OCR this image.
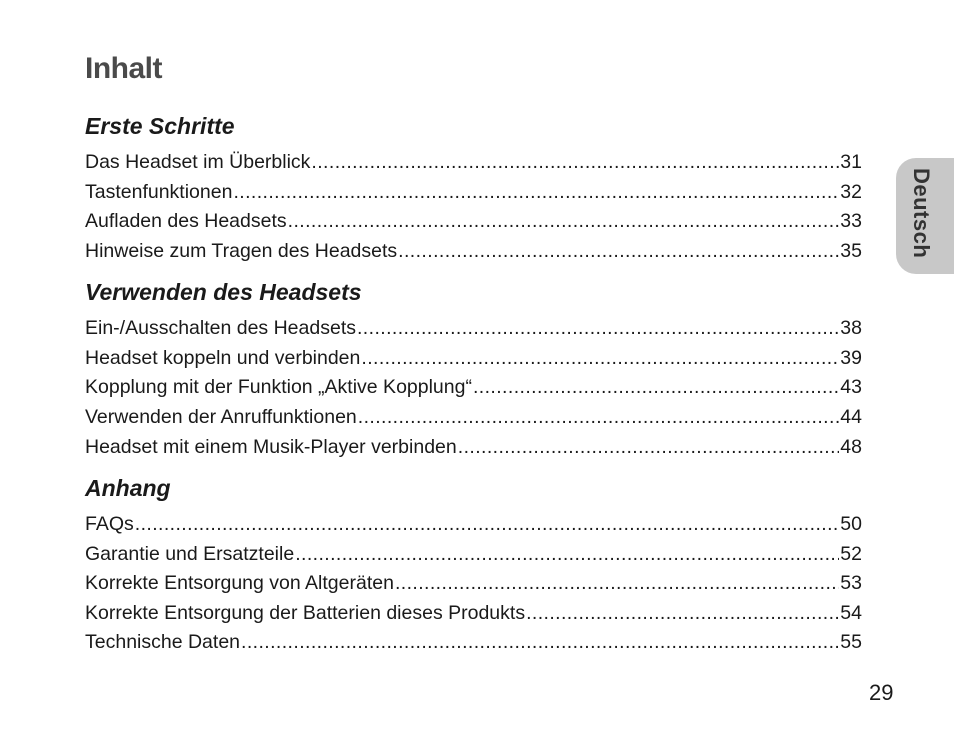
Inhalt
Erste Schritte
Das Headset im Überblick .....	31
Tastenfunktionen .....	32
Aufladen des Headsets .....	33
Hinweise zum Tragen des Headsets .....	35
Verwenden des Headsets
Ein-/Ausschalten des Headsets .....	38
Headset koppeln und verbinden .....	39
Kopplung mit der Funktion „Aktive Kopplung“ .....	43
Verwenden der Anruffunktionen .....	44
Headset mit einem Musik-Player verbinden .....	48
Anhang
FAQs .....	50
Garantie und Ersatzteile .....	52
Korrekte Entsorgung von Altgeräten .....	53
Korrekte Entsorgung der Batterien dieses Produkts .....	54
Technische Daten .....	55
Deutsch
29
